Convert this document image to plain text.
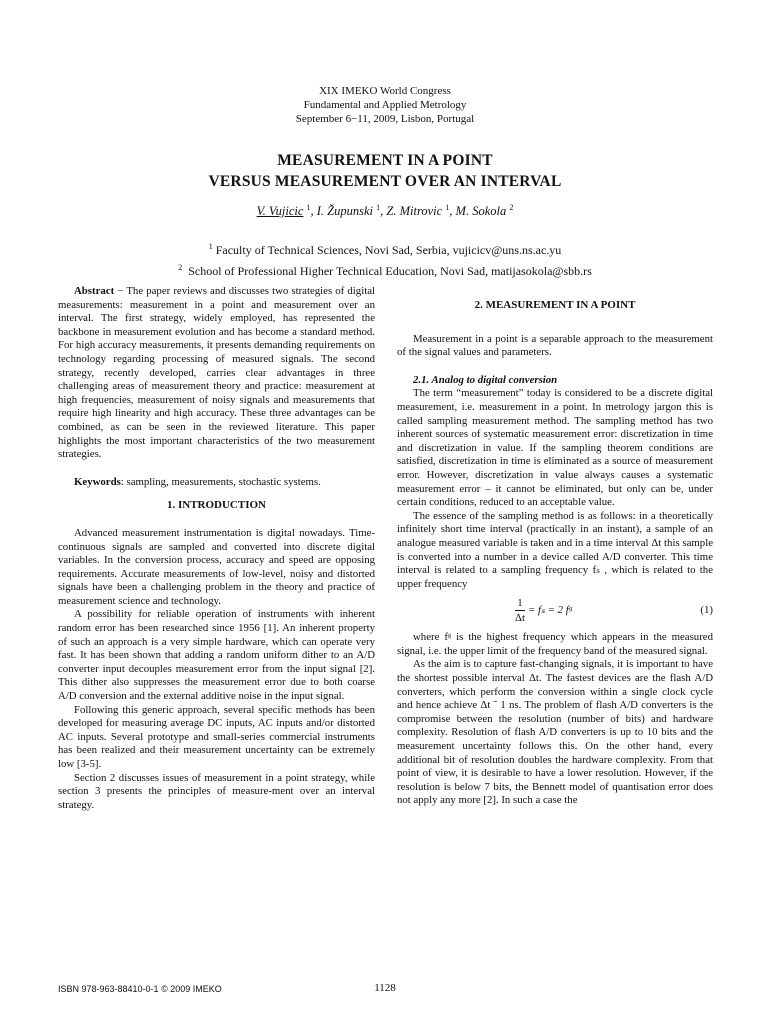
XIX IMEKO World Congress
Fundamental and Applied Metrology
September 6−11, 2009, Lisbon, Portugal
MEASUREMENT IN A POINT
VERSUS MEASUREMENT OVER AN INTERVAL
V. Vujicic $^1$, I. Župunski $^1$, Z. Mitrovic $^1$, M. Sokola $^2$
$^1$ Faculty of Technical Sciences, Novi Sad, Serbia, vujicicv@uns.ns.ac.yu
$^2$ School of Professional Higher Technical Education, Novi Sad, matijasokola@sbb.rs

Abstract − The paper reviews and discusses two strategies of digital measurements: measurement in a point and measurement over an interval. The first strategy, widely employed, has represented the backbone in measurement evolution and has become a standard method. For high accuracy measurements, it presents demanding requirements on technology regarding processing of measured signals. The second strategy, recently developed, carries clear advantages in three challenging areas of measurement theory and practice: measurement at high frequencies, measurement of noisy signals and measurements that require high linearity and high accuracy. These three advantages can be combined, as can be seen in the reviewed literature. This paper highlights the most important characteristics of the two measurement strategies.

Keywords: sampling, measurements, stochastic systems.

1. INTRODUCTION

Advanced measurement instrumentation is digital nowadays. Time-continuous signals are sampled and converted into discrete digital variables. In the conversion process, accuracy and speed are opposing requirements. Accurate measurements of low-level, noisy and distorted signals have been a challenging problem in the theory and practice of measurement science and technology.

A possibility for reliable operation of instruments with inherent random error has been researched since 1956 [1]. An inherent property of such an approach is a very simple hardware, which can operate very fast. It has been shown that adding a random uniform dither to an A/D converter input decouples measurement error from the input signal [2]. This dither also suppresses the measurement error due to both coarse A/D conversion and the external additive noise in the input signal.

Following this generic approach, several specific methods has been developed for measuring average DC inputs, AC inputs and/or distorted AC inputs. Several prototype and small-series commercial instruments has been realized and their measurement uncertainty can be extremely low [3-5].

Section 2 discusses issues of measurement in a point strategy, while section 3 presents the principles of measure-ment over an interval strategy.

2. MEASUREMENT IN A POINT

Measurement in a point is a separable approach to the measurement of the signal values and parameters.

2.1. Analog to digital conversion

The term “measurement” today is considered to be a discrete digital measurement, i.e. measurement in a point. In metrology jargon this is called sampling measurement method. The sampling method has two inherent sources of systematic measurement error: discretization in time and discretization in value. If the sampling theorem conditions are satisfied, discretization in time is eliminated as a source of measurement error. However, discretization in value always causes a systematic measurement error – it cannot be eliminated, but only can be, under certain conditions, reduced to an acceptable value.

The essence of the sampling method is as follows: in a theoretically infinitely short time interval (practically in an instant), a sample of an analogue measured variable is taken and in a time interval Δt this sample is converted into a number in a device called A/D converter. This time interval is related to a sampling frequency fₛ , which is related to the upper frequency

$\frac{1}{\Delta t} = f_s = 2$ fᵍ	(1)

where fᵍ is the highest frequency which appears in the measured signal, i.e. the upper limit of the frequency band of the measured signal.

As the aim is to capture fast-changing signals, it is important to have the shortest possible interval Δt. The fastest devices are the flash A/D converters, which perform the conversion within a single clock cycle and hence achieve Δt ˜ 1 ns. The problem of flash A/D converters is the compromise between the resolution (number of bits) and hardware complexity. Resolution of flash A/D converters is up to 10 bits and the measurement uncertainty follows this. On the other hand, every additional bit of resolution doubles the hardware complexity. From that point of view, it is desirable to have a lower resolution. However, if the resolution is below 7 bits, the Bennett model of quantisation error does not apply any more [2]. In such a case the

ISBN 978-963-88410-0-1 © 2009 IMEKO	1128
